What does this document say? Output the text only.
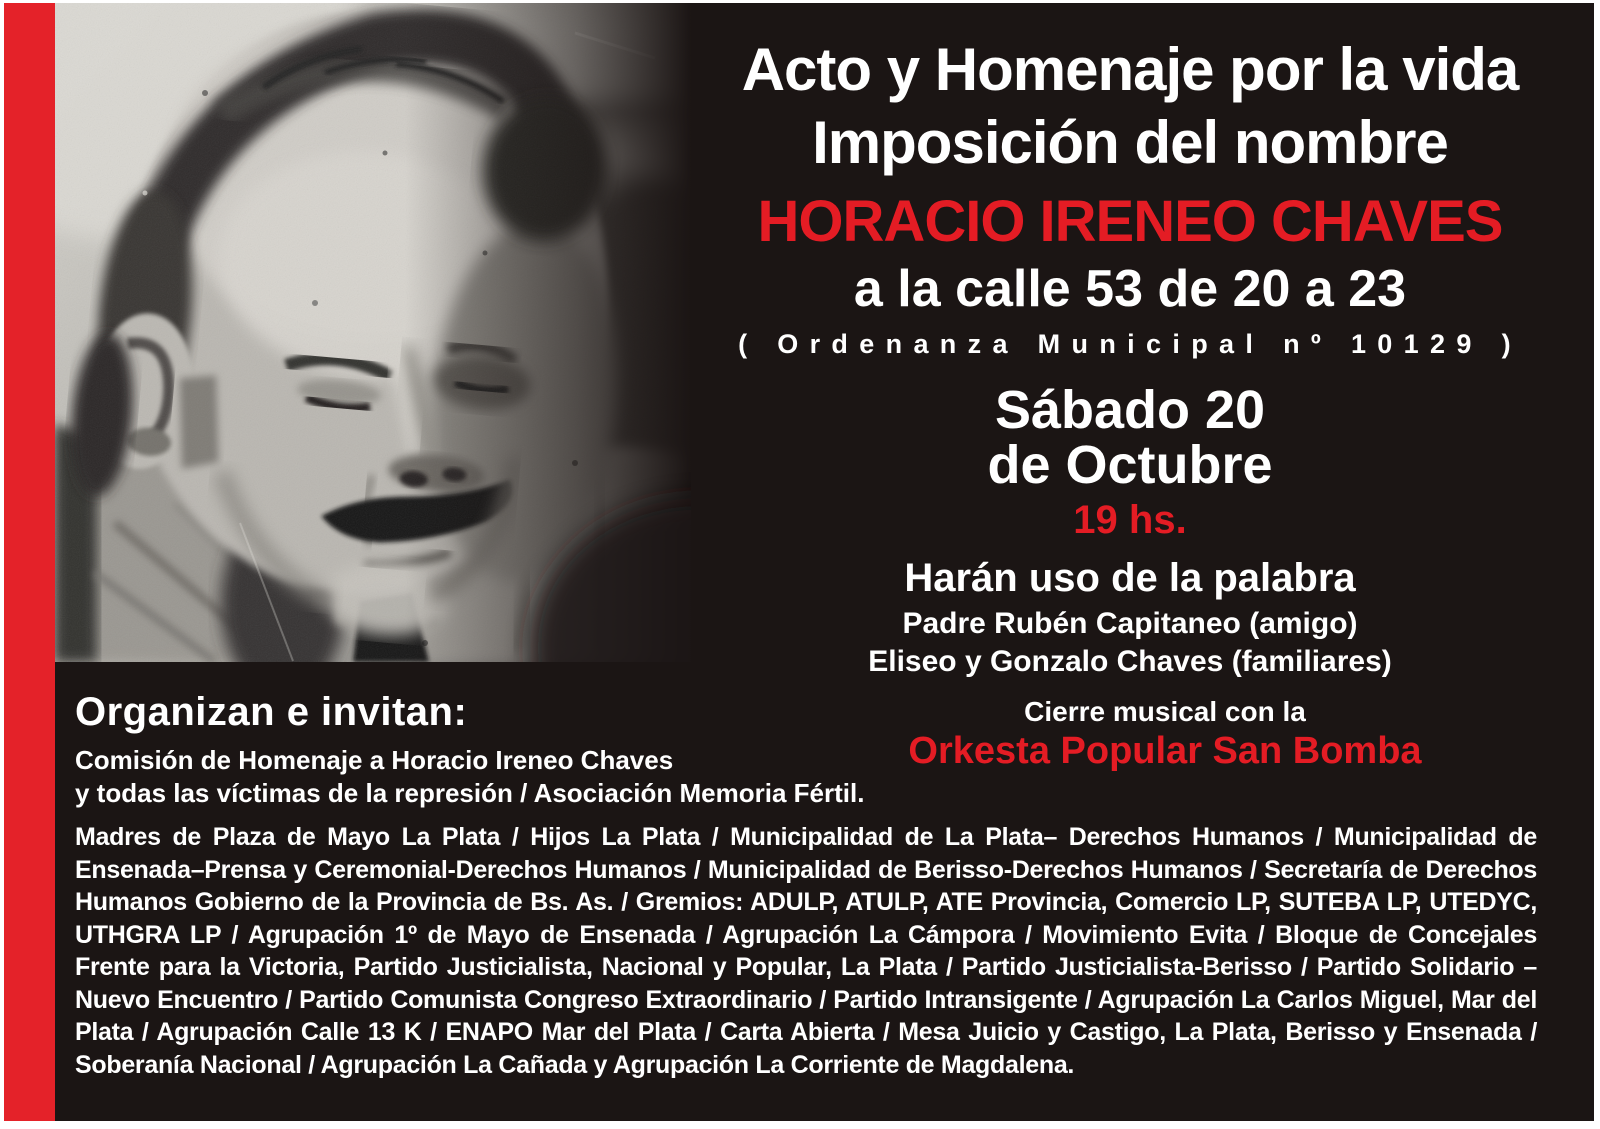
Acto y Homenaje por la vida
Imposición del nombre
HORACIO IRENEO CHAVES
a la calle 53 de 20 a 23
( Ordenanza Municipal nº 10129 )
Sábado 20
de Octubre
19 hs.
Harán uso de la palabra
Padre Rubén Capitaneo (amigo)
Eliseo y Gonzalo Chaves (familiares)
Cierre musical con la
Orkesta Popular San Bomba
Organizan e invitan:
Comisión de Homenaje a Horacio Ireneo Chaves
y todas las víctimas de la represión / Asociación Memoria Fértil.
Madres de Plaza de Mayo La Plata / Hijos La Plata / Municipalidad de La Plata– Derechos Humanos / Municipalidad de Ensenada–Prensa y Ceremonial-Derechos Humanos / Municipalidad de Berisso-Derechos Humanos / Secretaría de Derechos Humanos Gobierno de la Provincia de Bs. As. / Gremios: ADULP, ATULP, ATE Provincia, Comercio LP, SUTEBA LP, UTEDYC, UTHGRA LP / Agrupación 1º de Mayo de Ensenada / Agrupación La Cámpora / Movimiento Evita / Bloque de Concejales Frente para la Victoria, Partido Justicialista, Nacional y Popular, La Plata / Partido Justicialista-Berisso / Partido Solidario – Nuevo Encuentro / Partido Comunista Congreso Extraordinario / Partido Intransigente / Agrupación La Carlos Miguel, Mar del Plata / Agrupación Calle 13 K / ENAPO Mar del Plata / Carta Abierta / Mesa Juicio y Castigo, La Plata, Berisso y Ensenada / Soberanía Nacional / Agrupación La Cañada y Agrupación La Corriente de Magdalena.
